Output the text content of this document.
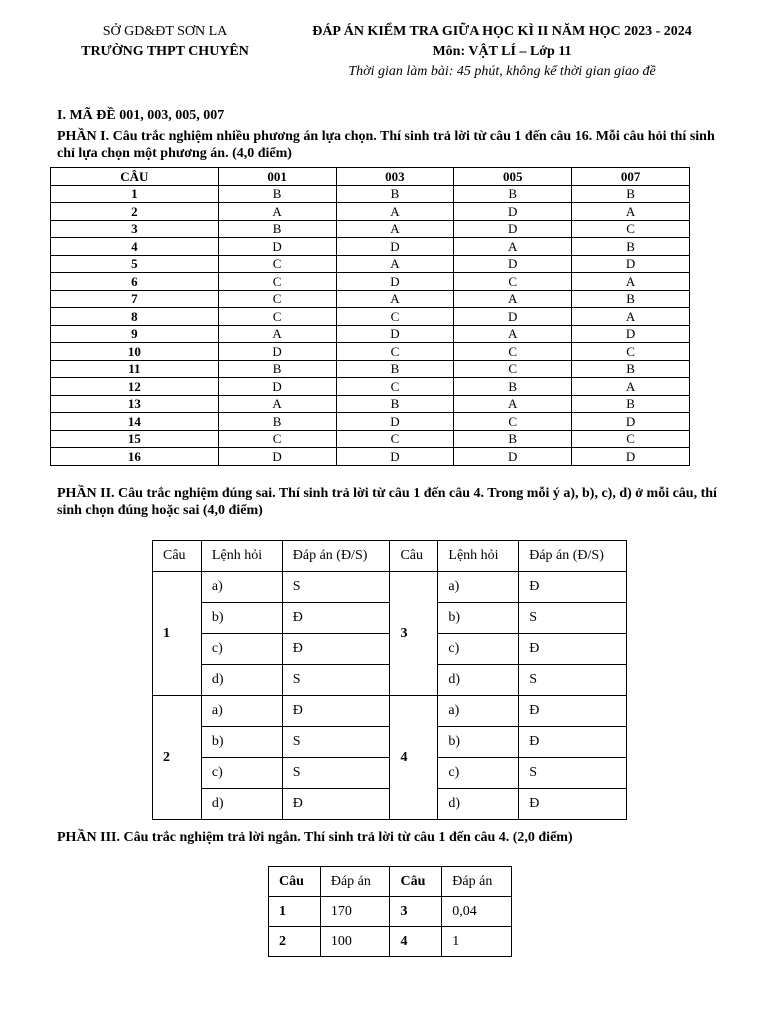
SỞ GD&ĐT SƠN LA
TRƯỜNG THPT CHUYÊN
ĐÁP ÁN KIỂM TRA GIỮA HỌC KÌ II NĂM HỌC 2023 - 2024
Môn: VẬT LÍ – Lớp 11
Thời gian làm bài: 45 phút, không kể thời gian giao đề
I. MÃ ĐỀ 001, 003, 005, 007
PHẦN I. Câu trắc nghiệm nhiều phương án lựa chọn. Thí sinh trả lời từ câu 1 đến câu 16. Mỗi câu hỏi thí sinh chỉ lựa chọn một phương án. (4,0 điểm)
CÂU	001	003	005	007
1	B	B	B	B
2	A	A	D	A
3	B	A	D	C
4	D	D	A	B
5	C	A	D	D
6	C	D	C	A
7	C	A	A	B
8	C	C	D	A
9	A	D	A	D
10	D	C	C	C
11	B	B	C	B
12	D	C	B	A
13	A	B	A	B
14	B	D	C	D
15	C	C	B	C
16	D	D	D	D
PHẦN II. Câu trắc nghiệm đúng sai. Thí sinh trả lời từ câu 1 đến câu 4. Trong mỗi ý a), b), c), d) ở mỗi câu, thí sinh chọn đúng hoặc sai (4,0 điểm)
Câu	Lệnh hỏi	Đáp án (Đ/S)	Câu	Lệnh hỏi	Đáp án (Đ/S)
1	a)	S	3	a)	Đ
	b)	Đ		b)	S
	c)	Đ		c)	Đ
	d)	S		d)	S
2	a)	Đ	4	a)	Đ
	b)	S		b)	Đ
	c)	S		c)	S
	d)	Đ		d)	Đ
PHẦN III. Câu trắc nghiệm trả lời ngắn. Thí sinh trả lời từ câu 1 đến câu 4. (2,0 điểm)
Câu	Đáp án	Câu	Đáp án
1	170	3	0,04
2	100	4	1
